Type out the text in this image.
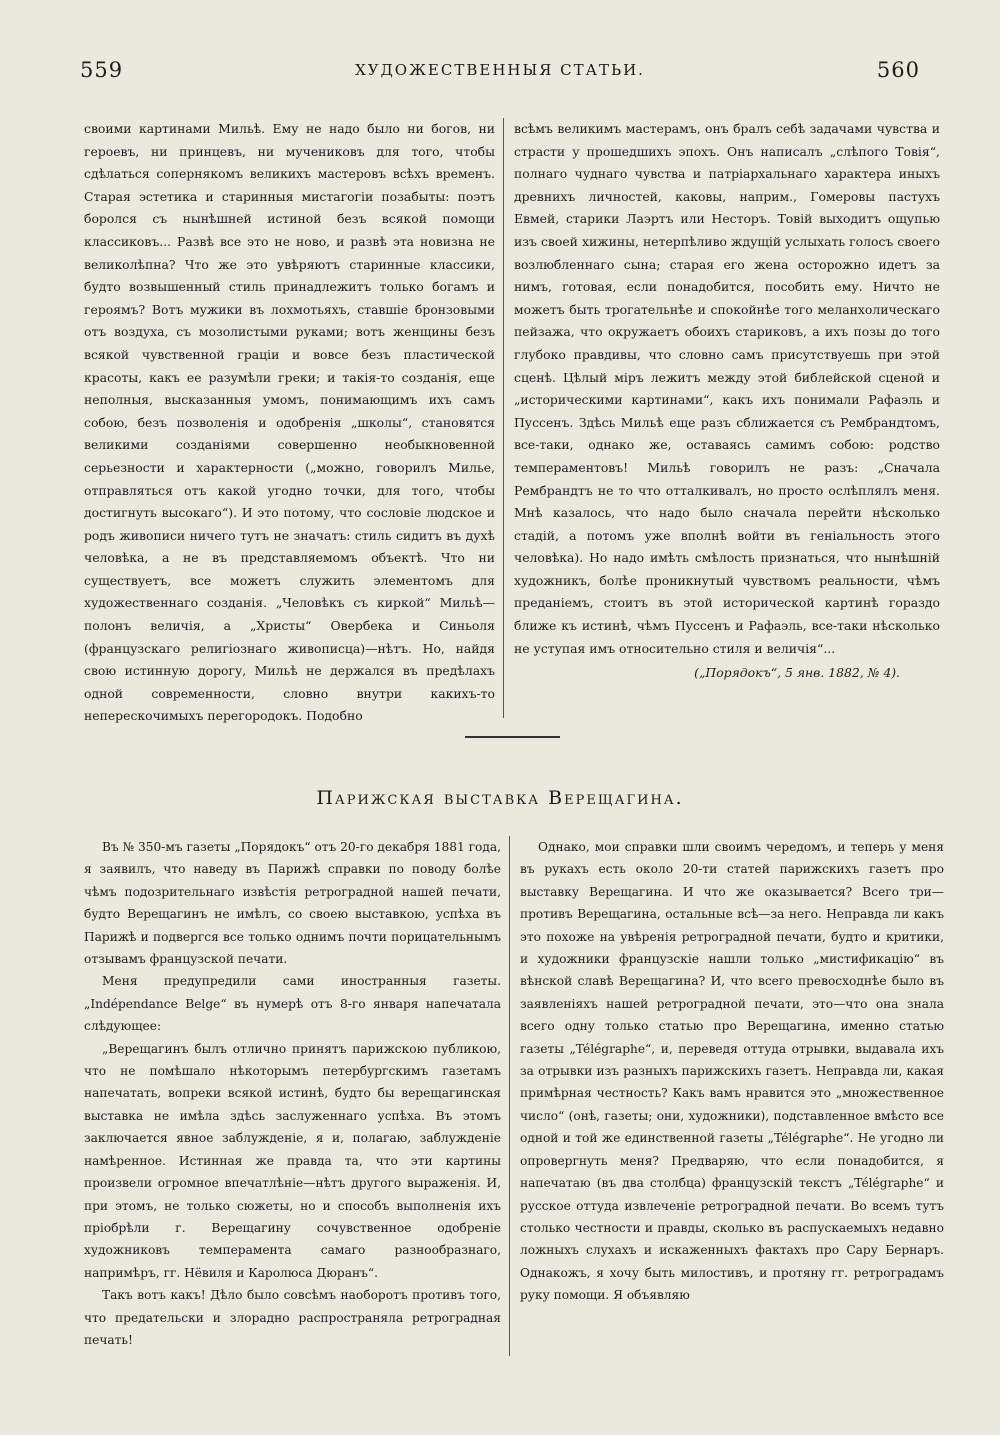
559	ХУДОЖЕСТВЕННЫЯ СТАТЬИ.	560

своими картинами Мильѣ. Ему не надо было ни богов, ни героевъ, ни принцевъ, ни мучениковъ для того, чтобы сдѣлаться сопернякомъ великихъ мастеровъ всѣхъ временъ. Старая эстетика и старинныя мистагогіи позабыты: поэтъ боролся съ нынѣшней истиной безъ всякой помощи классиковъ... Развѣ все это не ново, и развѣ эта новизна не великолѣпна? Что же это увѣряютъ старинные классики, будто возвышенный стиль принадлежитъ только богамъ и героямъ? Вотъ мужики въ лохмотьяхъ, ставшіе бронзовыми отъ воздуха, съ мозолистыми руками; вотъ женщины безъ всякой чувственной граціи и вовсе безъ пластической красоты, какъ ее разумѣли греки; и такія-то созданія, еще неполныя, высказанныя умомъ, понимающимъ ихъ самъ собою, безъ позволенія и одобренія „школы“, становятся великими созданіями совершенно необыкновенной серьезности и характерности („можно, говорилъ Милье, отправляться отъ какой угодно точки, для того, чтобы достигнуть высокаго“). И это потому, что сословіе людское и родъ живописи ничего тутъ не значатъ: стиль сидитъ въ духѣ человѣка, а не въ представляемомъ объектѣ. Что ни существуетъ, все можетъ служить элементомъ для художественнаго созданія. „Человѣкъ съ киркой“ Мильѣ—полонъ величія, а „Христы“ Овербека и Синьоля (французскаго религіознаго живописца)—нѣтъ. Но, найдя свою истинную дорогу, Мильѣ не держался въ предѣлахъ одной современности, словно внутри какихъ-то неперескочимыхъ перегородокъ. Подобно

всѣмъ великимъ мастерамъ, онъ бралъ себѣ задачами чувства и страсти у прошедшихъ эпохъ. Онъ написалъ „слѣпого Товія“, полнаго чуднаго чувства и патріархальнаго характера иныхъ древнихъ личностей, каковы, наприм., Гомеровы пастухъ Евмей, старики Лаэртъ или Несторъ. Товій выходитъ ощупью изъ своей хижины, нетерпѣливо ждущій услыхать голосъ своего возлюбленнаго сына; старая его жена осторожно идетъ за нимъ, готовая, если понадобится, пособить ему. Ничто не можетъ быть трогательнѣе и спокойнѣе того меланхолическаго пейзажа, что окружаетъ обоихъ стариковъ, а ихъ позы до того глубоко правдивы, что словно самъ присутствуешь при этой сценѣ. Цѣлый міръ лежитъ между этой библейской сценой и „историческими картинами“, какъ ихъ понимали Рафаэль и Пуссенъ. Здѣсь Мильѣ еще разъ сближается съ Рембрандтомъ, все-таки, однако же, оставаясь самимъ собою: родство темпераментовъ! Мильѣ говорилъ не разъ: „Сначала Рембрандтъ не то что отталкивалъ, но просто ослѣплялъ меня. Мнѣ казалось, что надо было сначала перейти нѣсколько стадій, а потомъ уже вполнѣ войти въ геніальность этого человѣка). Но надо имѣть смѣлость признаться, что нынѣшній художникъ, болѣе проникнутый чувствомъ реальности, чѣмъ преданіемъ, стоитъ въ этой исторической картинѣ гораздо ближе къ истинѣ, чѣмъ Пуссенъ и Рафаэль, все-таки нѣсколько не уступая имъ относительно стиля и величія“...

(„Порядокъ“, 5 янв. 1882, № 4).

Парижская выставка Верещагина.

Въ № 350-мъ газеты „Порядокъ“ отъ 20-го декабря 1881 года, я заявилъ, что наведу въ Парижѣ справки по поводу болѣе чѣмъ подозрительнаго извѣстія ретроградной нашей печати, будто Верещагинъ не имѣлъ, со своею выставкою, успѣха въ Парижѣ и подвергся все только однимъ почти порицательнымъ отзывамъ французской печати.

Меня предупредили сами иностранныя газеты. „Indépendance Belge“ въ нумерѣ отъ 8-го января напечатала слѣдующее:

„Верещагинъ былъ отлично принятъ парижскою публикою, что не помѣшало нѣкоторымъ петербургскимъ газетамъ напечатать, вопреки всякой истинѣ, будто бы верещагинская выставка не имѣла здѣсь заслуженнаго успѣха. Въ этомъ заключается явное заблужденіе, я и, полагаю, заблужденіе намѣренное. Истинная же правда та, что эти картины произвели огромное впечатлѣніе—нѣтъ другого выраженія. И, при этомъ, не только сюжеты, но и способъ выполненія ихъ пріобрѣли г. Верещагину сочувственное одобреніе художниковъ темперамента самаго разнообразнаго, напримѣръ, гг. Нёвиля и Каролюса Дюранъ“.

Такъ вотъ какъ! Дѣло было совсѣмъ наоборотъ противъ того, что предательски и злорадно распространяла ретроградная печать!

Однако, мои справки шли своимъ чередомъ, и теперь у меня въ рукахъ есть около 20-ти статей парижскихъ газетъ про выставку Верещагина. И что же оказывается? Всего три—противъ Верещагина, остальные всѣ—за него. Неправда ли какъ это похоже на увѣренія ретроградной печати, будто и критики, и художники французскіе нашли только „мистификацію“ въ вѣнской славѣ Верещагина? И, что всего превосходнѣе было въ заявленіяхъ нашей ретроградной печати, это—что она знала всего одну только статью про Верещагина, именно статью газеты „Télégraphe“, и, переведя оттуда отрывки, выдавала ихъ за отрывки изъ разныхъ парижскихъ газетъ. Неправда ли, какая примѣрная честность? Какъ вамъ нравится это „множественное число“ (онѣ, газеты; они, художники), подставленное вмѣсто все одной и той же единственной газеты „Télégraphe“. Не угодно ли опровергнуть меня? Предваряю, что если понадобится, я напечатаю (въ два столбца) французскій текстъ „Télégraphe“ и русское оттуда извлеченіе ретроградной печати. Во всемъ тутъ столько честности и правды, сколько въ распускаемыхъ недавно ложныхъ слухахъ и искаженныхъ фактахъ про Сару Бернаръ. Однакожъ, я хочу быть милостивъ, и протяну гг. ретроградамъ руку помощи. Я объявляю
